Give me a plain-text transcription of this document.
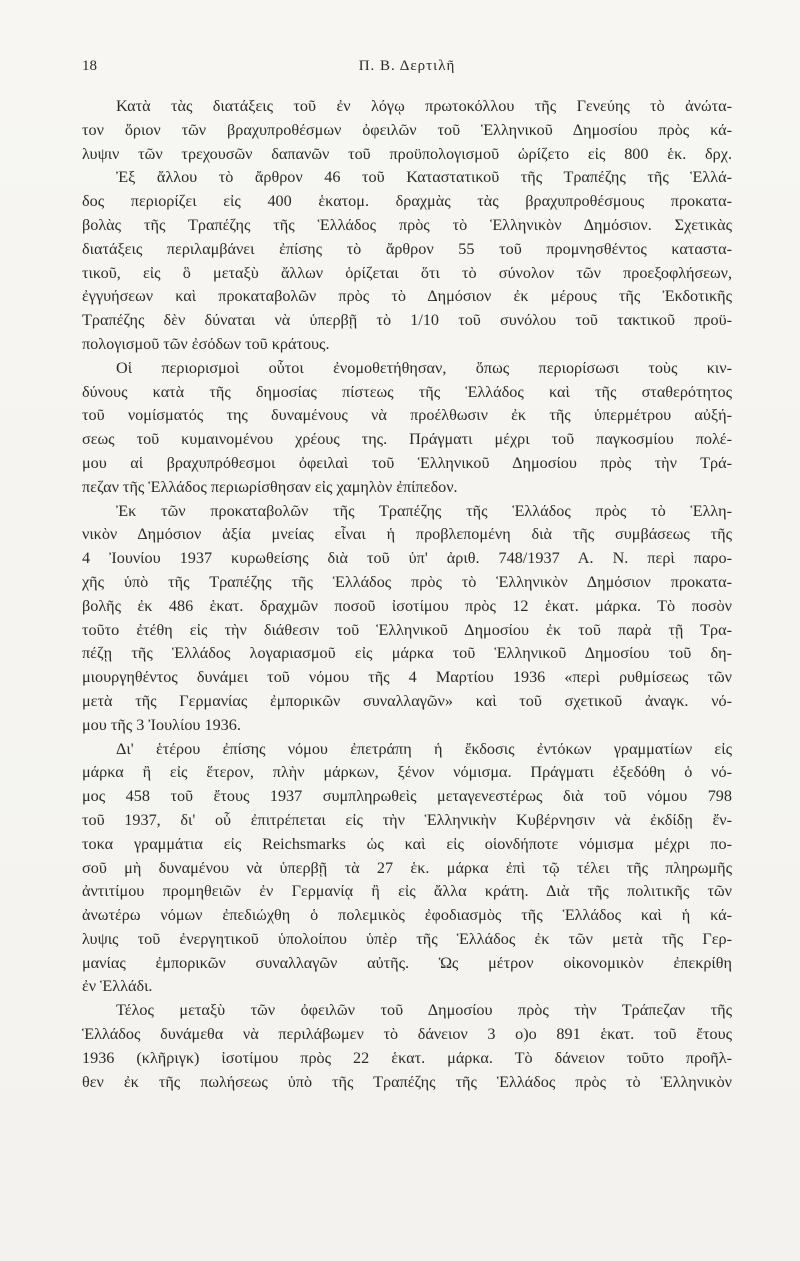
18	Π. Β. Δερτιλῆ
Κατὰ τὰς διατάξεις τοῦ ἐν λόγῳ πρωτοκόλλου τῆς Γενεύης τὸ ἀνώτα-
τον ὅριον τῶν βραχυπροθέσμων ὀφειλῶν τοῦ Ἑλληνικοῦ Δημοσίου πρὸς κά-
λυψιν τῶν τρεχουσῶν δαπανῶν τοῦ προϋπολογισμοῦ ὡρίζετο εἰς 800 ἑκ. δρχ.
Ἐξ ἄλλου τὸ ἄρθρον 46 τοῦ Καταστατικοῦ τῆς Τραπέζης τῆς Ἑλλά-
δος περιορίζει εἰς 400 ἑκατομ. δραχμὰς τὰς βραχυπροθέσμους προκατα-
βολὰς τῆς Τραπέζης τῆς Ἑλλάδος πρὸς τὸ Ἑλληνικὸν Δημόσιον. Σχετικὰς
διατάξεις περιλαμβάνει ἐπίσης τὸ ἄρθρον 55 τοῦ προμνησθέντος καταστα-
τικοῦ, εἰς ὃ μεταξὺ ἄλλων ὁρίζεται ὅτι τὸ σύνολον τῶν προεξοφλήσεων,
ἐγγυήσεων καὶ προκαταβολῶν πρὸς τὸ Δημόσιον ἐκ μέρους τῆς Ἐκδοτικῆς
Τραπέζης δὲν δύναται νὰ ὑπερβῇ τὸ 1/10 τοῦ συνόλου τοῦ τακτικοῦ προϋ-
πολογισμοῦ τῶν ἐσόδων τοῦ κράτους.
Οἱ περιορισμοὶ οὗτοι ἐνομοθετήθησαν, ὅπως περιορίσωσι τοὺς κιν-
δύνους κατὰ τῆς δημοσίας πίστεως τῆς Ἑλλάδος καὶ τῆς σταθερότητος
τοῦ νομίσματός της δυναμένους νὰ προέλθωσιν ἐκ τῆς ὑπερμέτρου αὐξή-
σεως τοῦ κυμαινομένου χρέους της. Πράγματι μέχρι τοῦ παγκοσμίου πολέ-
μου αἱ βραχυπρόθεσμοι ὀφειλαὶ τοῦ Ἑλληνικοῦ Δημοσίου πρὸς τὴν Τρά-
πεζαν τῆς Ἑλλάδος περιωρίσθησαν εἰς χαμηλὸν ἐπίπεδον.
Ἐκ τῶν προκαταβολῶν τῆς Τραπέζης τῆς Ἑλλάδος πρὸς τὸ Ἑλλη-
νικὸν Δημόσιον ἀξία μνείας εἶναι ἡ προβλεπομένη διὰ τῆς συμβάσεως τῆς
4 Ἰουνίου 1937 κυρωθείσης διὰ τοῦ ὑπ' ἀριθ. 748/1937 Α. Ν. περὶ παρο-
χῆς ὑπὸ τῆς Τραπέζης τῆς Ἑλλάδος πρὸς τὸ Ἑλληνικὸν Δημόσιον προκατα-
βολῆς ἐκ 486 ἑκατ. δραχμῶν ποσοῦ ἰσοτίμου πρὸς 12 ἑκατ. μάρκα. Τὸ ποσὸν
τοῦτο ἐτέθη εἰς τὴν διάθεσιν τοῦ Ἑλληνικοῦ Δημοσίου ἐκ τοῦ παρὰ τῇ Τρα-
πέζῃ τῆς Ἑλλάδος λογαριασμοῦ εἰς μάρκα τοῦ Ἑλληνικοῦ Δημοσίου τοῦ δη-
μιουργηθέντος δυνάμει τοῦ νόμου τῆς 4 Μαρτίου 1936 «περὶ ρυθμίσεως τῶν
μετὰ τῆς Γερμανίας ἐμπορικῶν συναλλαγῶν» καὶ τοῦ σχετικοῦ ἀναγκ. νό-
μου τῆς 3 Ἰουλίου 1936.
Δι' ἑτέρου ἐπίσης νόμου ἐπετράπη ἡ ἔκδοσις ἐντόκων γραμματίων εἰς
μάρκα ἢ εἰς ἕτερον, πλὴν μάρκων, ξένον νόμισμα. Πράγματι ἐξεδόθη ὁ νό-
μος 458 τοῦ ἔτους 1937 συμπληρωθεὶς μεταγενεστέρως διὰ τοῦ νόμου 798
τοῦ 1937, δι' οὗ ἐπιτρέπεται εἰς τὴν Ἑλληνικὴν Κυβέρνησιν νὰ ἐκδίδῃ ἔν-
τοκα γραμμάτια εἰς Reichsmarks ὡς καὶ εἰς οἱονδήποτε νόμισμα μέχρι πο-
σοῦ μὴ δυναμένου νὰ ὑπερβῇ τὰ 27 ἑκ. μάρκα ἐπὶ τῷ τέλει τῆς πληρωμῆς
ἀντιτίμου προμηθειῶν ἐν Γερμανίᾳ ἢ εἰς ἄλλα κράτη. Διὰ τῆς πολιτικῆς τῶν
ἀνωτέρω νόμων ἐπεδιώχθη ὁ πολεμικὸς ἐφοδιασμὸς τῆς Ἑλλάδος καὶ ἡ κά-
λυψις τοῦ ἐνεργητικοῦ ὑπολοίπου ὑπὲρ τῆς Ἑλλάδος ἐκ τῶν μετὰ τῆς Γερ-
μανίας ἐμπορικῶν συναλλαγῶν αὐτῆς. Ὡς μέτρον οἰκονομικὸν ἐπεκρίθη
ἐν Ἑλλάδι.
Τέλος μεταξὺ τῶν ὀφειλῶν τοῦ Δημοσίου πρὸς τὴν Τράπεζαν τῆς
Ἑλλάδος δυνάμεθα νὰ περιλάβωμεν τὸ δάνειον 3 ο)ο 891 ἑκατ. τοῦ ἔτους
1936 (κλῆριγκ) ἰσοτίμου πρὸς 22 ἑκατ. μάρκα. Τὸ δάνειον τοῦτο προῆλ-
θεν ἐκ τῆς πωλήσεως ὑπὸ τῆς Τραπέζης τῆς Ἑλλάδος πρὸς τὸ Ἑλληνικὸν
